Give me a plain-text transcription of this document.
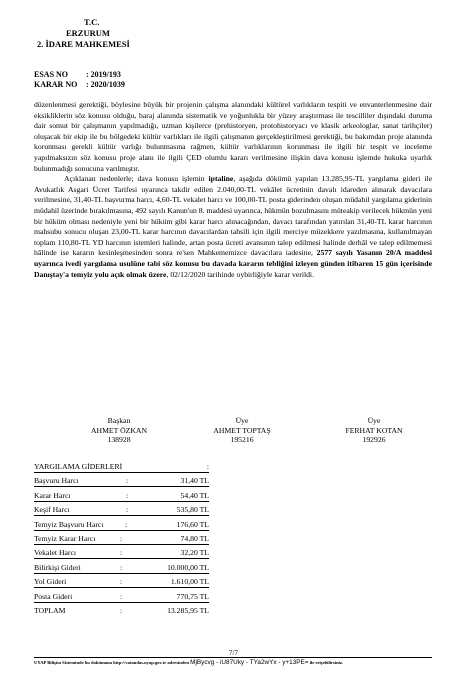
T.C.
ERZURUM
2. İDARE MAHKEMESİ
ESAS NO : 2019/193
KARAR NO : 2020/1039

düzenlenmesi gerektiği, böylesine büyük bir projenin çalışma alanındaki kültürel varlıkların tespiti ve envanterlenmesine dair eksikliklerin söz konusu olduğu, baraj alanında sistematik ve yoğunlukla bir yüzey araştırması ile tescilliler dışındaki duruma dair somut bir çalışmanın yapılmadığı, uzman kişilerce (prehistoryen, protohistoryacı ve klasik arkeologlar, sanat tarihçiler) oluşacak bir ekip ile bu bölgedeki kültür varlıkları ile ilgili çalışmanın gerçekleştirilmesi gerektiği, bu bakımdan proje alanında korunması gerekli kültür varlığı bulunmasına rağmen, kültür varlıklarının korunması ile ilgili bir tespit ve inceleme yapılmaksızın söz konusu proje alanı ile ilgili ÇED olumlu kararı verilmesine ilişkin dava konusu işlemde hukuka uyarlık bulunmadığı sonucuna varılmıştır.

Açıklanan nedenlerle; dava konusu işlemin iptaline, aşağıda dökümü yapılan 13.285,95-TL yargılama gideri ile Avukatlık Asgari Ücret Tarifesi uyarınca takdir edilen 2.040,00-TL vekâlet ücretinin davalı idareden alınarak davacılara verilmesine, 31,40-TL başvurma harcı, 4,60-TL vekalet harcı ve 100,00-TL posta giderinden oluşan müdahil yargılama giderinin müdahil üzerinde bırakılmasına, 492 sayılı Kanun'un 8. maddesi uyarınca, hükmün bozulmasını müteakip verilecek hükmün yeni bir hüküm olması nedeniyle yeni bir hüküm gibi karar harcı alınacağından, davacı tarafından yatırılan 31,40-TL karar harcının mahsubu sonucu oluşan 23,00-TL karar harcının davacılardan tahsili için ilgili merciye müzekkere yazılmasına, kullanılmayan toplam 110,80-TL YD harcının istemleri halinde, artan posta ücreti avansının talep edilmesi halinde derhâl ve talep edilmemesi hâlinde ise kararın kesinleşmesinden sonra re'sen Mahkememizce davacılara iadesine, 2577 sayılı Yasanın 20/A maddesi uyarınca ivedi yargılama usulüne tabi söz konusu bu davada kararın tebliğini izleyen günden itibaren 15 gün içerisinde Danıştay'a temyiz yolu açık olmak üzere, 02/12/2020 tarihinde oybirliğiyle karar verildi.

Başkan
AHMET ÖZKAN
138928
Üye
AHMET TOPTAŞ
195216
Üye
FERHAT KOTAN
192926
YARGILAMA GİDERLERİ	:
Başvuru Harcı	:	31,40 TL
Karar Harcı	:	54,40 TL
Keşif Harcı	:	535,80 TL
Temyiz Başvuru Harcı	:	176,60 TL
Temyiz Karar Harcı	:	74,80 TL
Vekalet Harcı	:	32,20 TL
Bilirkişi Gideri	:	10.000,00 TL
Yol Gideri	:	1.610,00 TL
Posta Gideri	:	770,75 TL
TOPLAM	:	13.285,95 TL
7/7
UYAP Bilişim Sisteminde bu dokümana http://vatandas.uyap.gov.tr adresinden MjBycvg - iU87Uky - TYa2wYx - y+13PE= ile erişebilirsiniz.
